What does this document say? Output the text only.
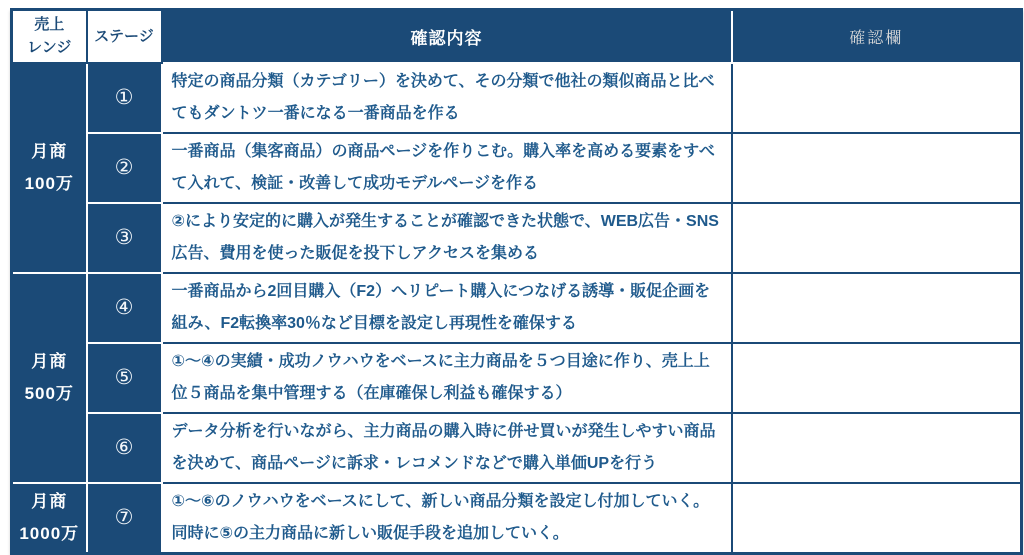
売上
レンジ	ステージ	確認内容	確認欄

月商
100万	①	特定の商品分類（カテゴリー）を決めて、その分類で他社の類似商品と比べてもダントツ一番になる一番商品を作る	
	②	一番商品（集客商品）の商品ページを作りこむ。購入率を高める要素をすべて入れて、検証・改善して成功モデルページを作る	
	③	②により安定的に購入が発生することが確認できた状態で、WEB広告・SNS広告、費用を使った販促を投下しアクセスを集める	

月商
500万	④	一番商品から2回目購入（F2）へリピート購入につなげる誘導・販促企画を組み、F2転換率30％など目標を設定し再現性を確保する	
	⑤	①～④の実績・成功ノウハウをベースに主力商品を５つ目途に作り、売上上位５商品を集中管理する（在庫確保し利益も確保する）	
	⑥	データ分析を行いながら、主力商品の購入時に併せ買いが発生しやすい商品を決めて、商品ページに訴求・レコメンドなどで購入単価UPを行う	

月商
1000万	⑦	①～⑥のノウハウをベースにして、新しい商品分類を設定し付加していく。同時に⑤の主力商品に新しい販促手段を追加していく。	
